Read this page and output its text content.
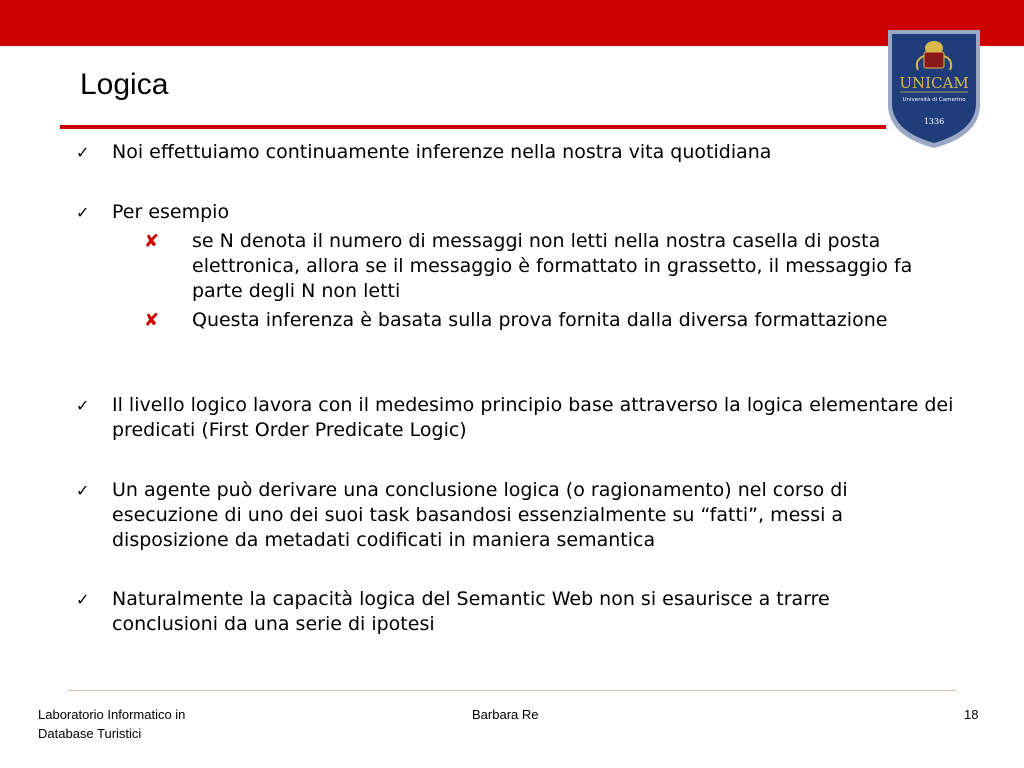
Logica	UNICAM
Università di Camerino
1336
✓ Noi effettuiamo continuamente inferenze nella nostra vita quotidiana
✓ Per esempio
✘ se N denota il numero di messaggi non letti nella nostra casella di posta elettronica, allora se il messaggio è formattato in grassetto, il messaggio fa parte degli N non letti
✘ Questa inferenza è basata sulla prova fornita dalla diversa formattazione
✓ Il livello logico lavora con il medesimo principio base attraverso la logica elementare dei predicati (First Order Predicate Logic)
✓ Un agente può derivare una conclusione logica (o ragionamento) nel corso di esecuzione di uno dei suoi task basandosi essenzialmente su “fatti”, messi a disposizione da metadati codificati in maniera semantica
✓ Naturalmente la capacità logica del Semantic Web non si esaurisce a trarre conclusioni da una serie di ipotesi
Laboratorio Informatico in
Database Turistici
Barbara Re	18
